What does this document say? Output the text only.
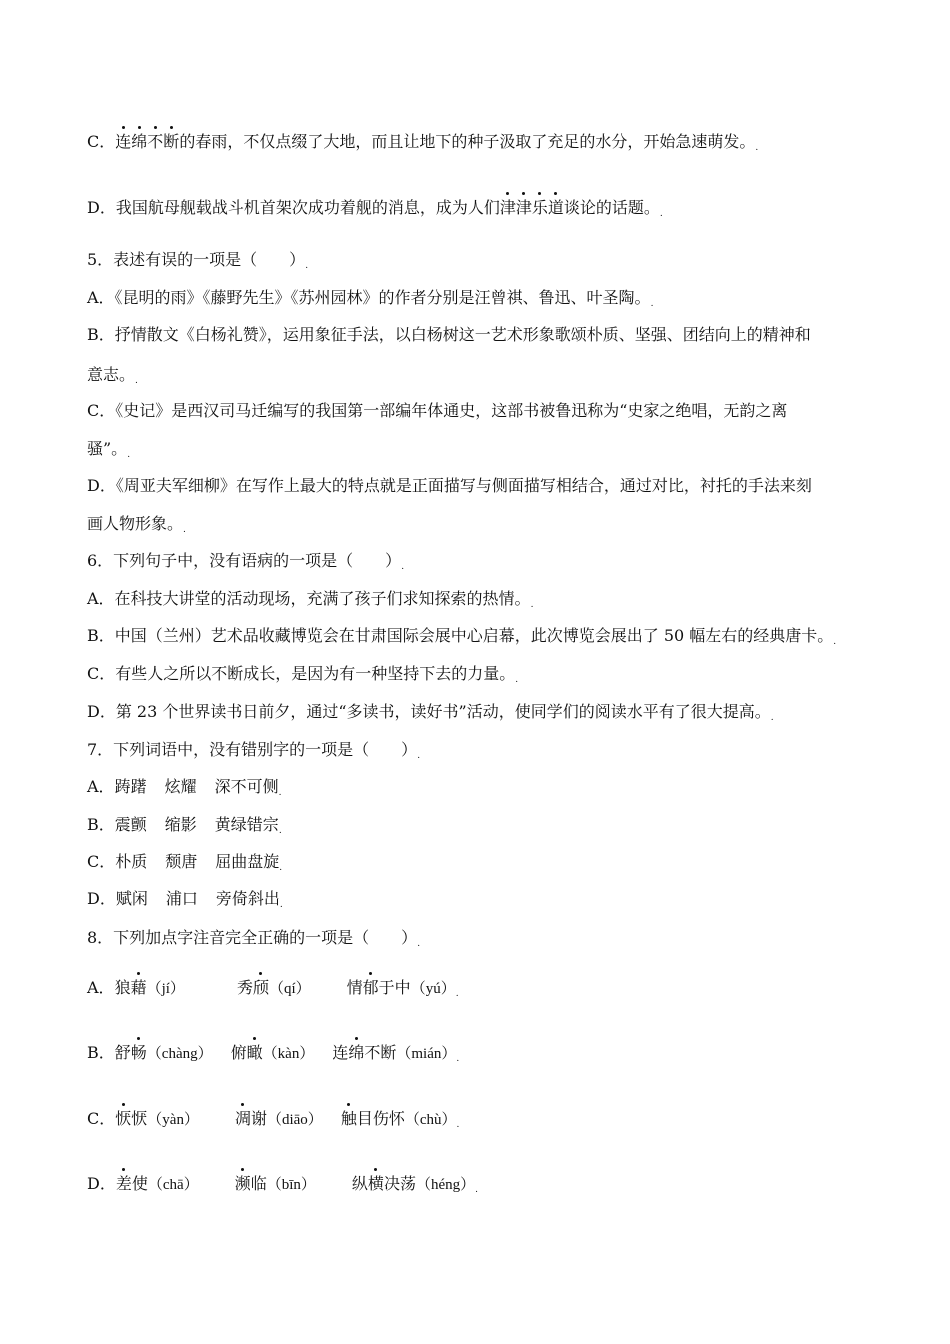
C．连绵不断的春雨，不仅点缀了大地，而且让地下的种子汲取了充足的水分，开始急速萌发。.
D．我国航母舰载战斗机首架次成功着舰的消息，成为人们津津乐道谈论的话题。.
5．表述有误的一项是（　　）.
A．《昆明的雨》《藤野先生》《苏州园林》的作者分别是汪曾祺、鲁迅、叶圣陶。.
B．抒情散文《白杨礼赞》，运用象征手法，以白杨树这一艺术形象歌颂朴质、坚强、团结向上的精神和
意志。.
C．《史记》是西汉司马迁编写的我国第一部编年体通史，这部书被鲁迅称为“史家之绝唱，无韵之离
骚”。.
D．《周亚夫军细柳》在写作上最大的特点就是正面描写与侧面描写相结合，通过对比，衬托的手法来刻
画人物形象。.
6．下列句子中，没有语病的一项是（　　）.
A．在科技大讲堂的活动现场，充满了孩子们求知探索的热情。.
B．中国（兰州）艺术品收藏博览会在甘肃国际会展中心启幕，此次博览会展出了 50 幅左右的经典唐卡。.
C．有些人之所以不断成长，是因为有一种坚持下去的力量。.
D．第 23 个世界读书日前夕，通过“多读书，读好书”活动，使同学们的阅读水平有了很大提高。.
7．下列词语中，没有错别字的一项是（　　）.
A．踌躇 炫耀 深不可侧.
B．震颤 缩影 黄绿错宗.
C．朴质 颓唐 屈曲盘旋.
D．赋闲 浦口 旁倚斜出.
8．下列加点字注音完全正确的一项是（　　）.
A．狼藉（jí）	秀颀（qí） 情郁于中（yú）.
B．舒畅（chàng） 俯瞰（kàn） 连绵不断（mián）.
C．恹恹（yàn） 凋谢（diāo） 触目伤怀（chù）.
D．差使（chā） 濒临（bīn） 纵横决荡（héng）.
